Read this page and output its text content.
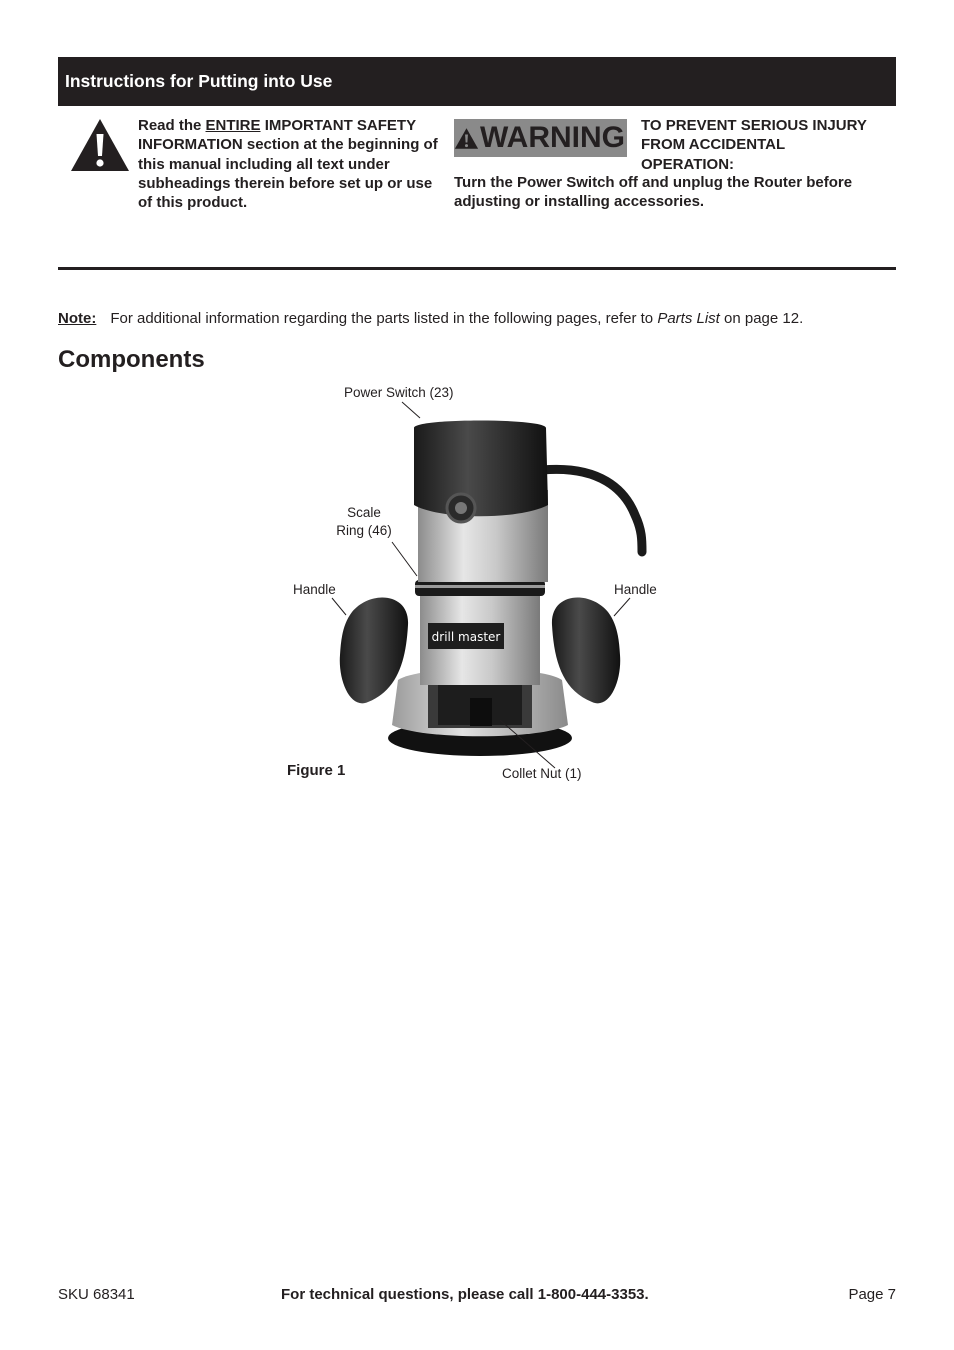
Instructions for Putting into Use
Read the ENTIRE IMPORTANT SAFETY INFORMATION section at the beginning of this manual including all text under subheadings therein before set up or use of this product.
WARNING TO PREVENT SERIOUS INJURY FROM ACCIDENTAL OPERATION:
Turn the Power Switch off and unplug the Router before adjusting or installing accessories.
Note: For additional information regarding the parts listed in the following pages, refer to Parts List on page 12.
Components
drill master
Power Switch (23)
Scale
Ring (46)
Handle	Handle
Collet Nut (1)
Figure 1
SKU 68341	For technical questions, please call 1-800-444-3353.	Page 7
